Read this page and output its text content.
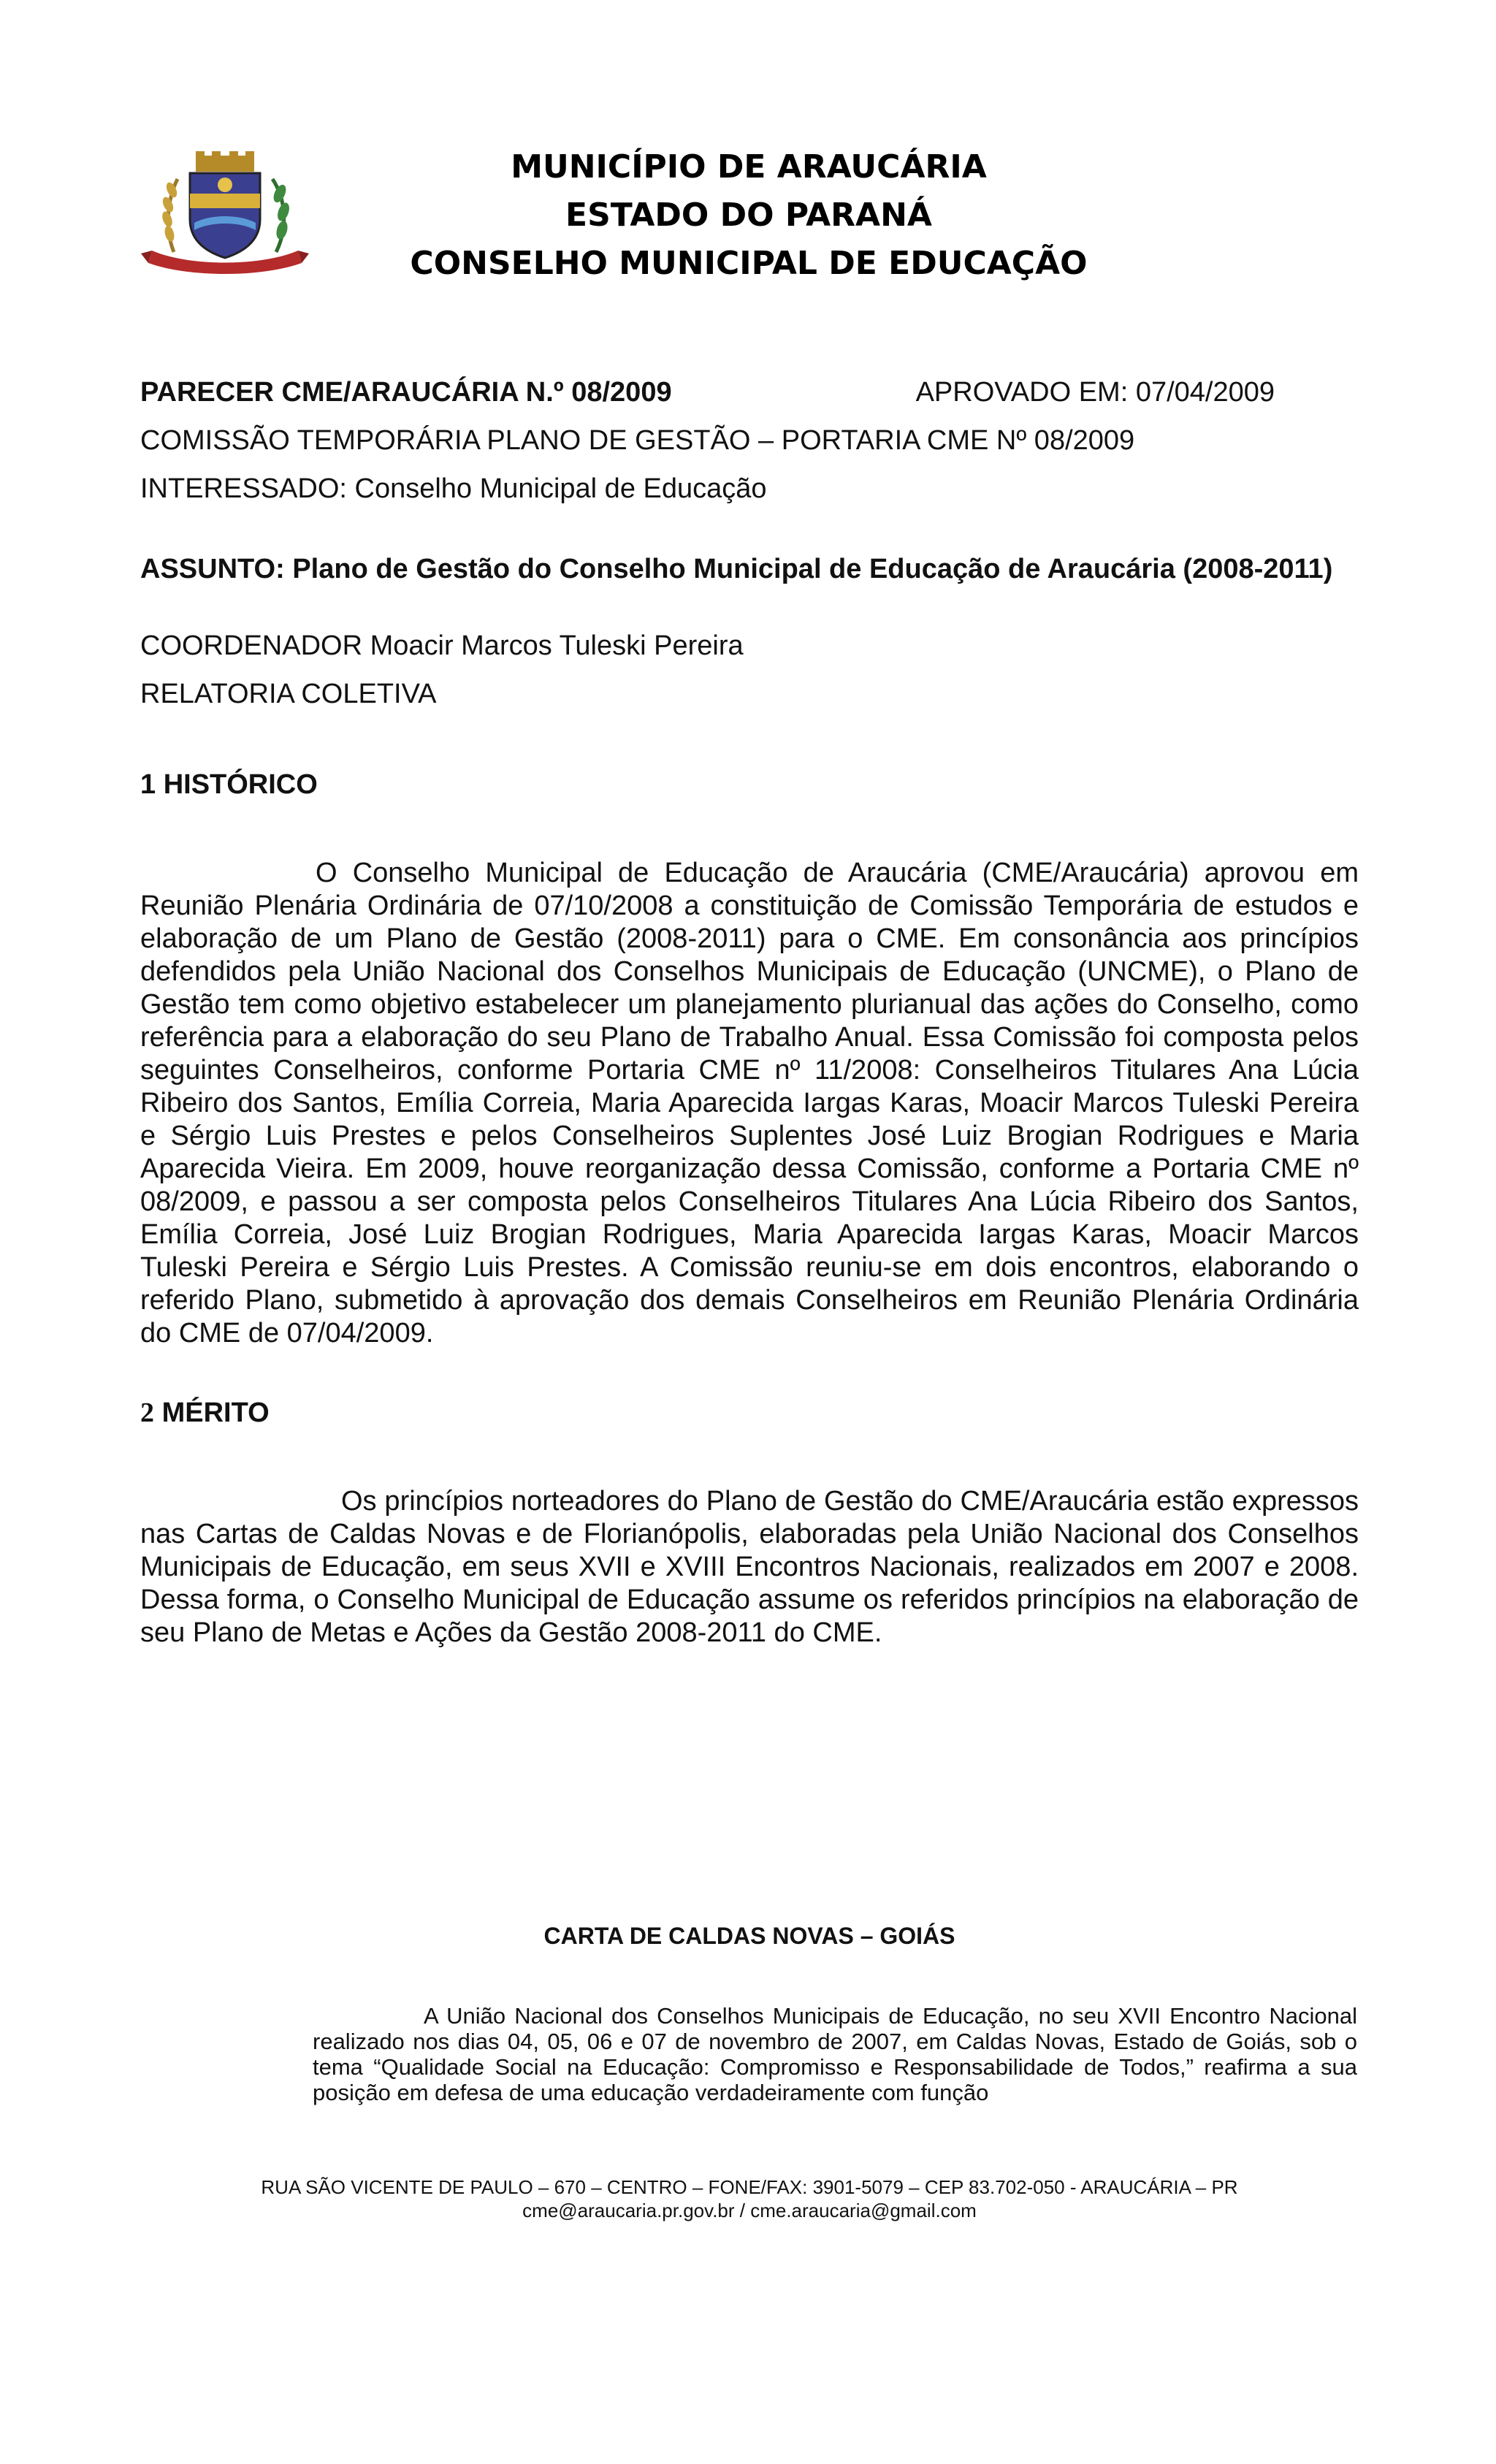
MUNICÍPIO DE ARAUCÁRIA
ESTADO DO PARANÁ
CONSELHO MUNICIPAL DE EDUCAÇÃO
PARECER CME/ARAUCÁRIA N.º 08/2009	APROVADO EM: 07/04/2009
COMISSÃO TEMPORÁRIA PLANO DE GESTÃO – PORTARIA CME Nº 08/2009
INTERESSADO: Conselho Municipal de Educação
ASSUNTO: Plano de Gestão do Conselho Municipal de Educação de Araucária (2008-2011)
COORDENADOR Moacir Marcos Tuleski Pereira
RELATORIA COLETIVA
1 HISTÓRICO
O Conselho Municipal de Educação de Araucária (CME/Araucária) aprovou em Reunião Plenária Ordinária de 07/10/2008 a constituição de Comissão Temporária de estudos e elaboração de um Plano de Gestão (2008-2011) para o CME. Em consonância aos princípios defendidos pela União Nacional dos Conselhos Municipais de Educação (UNCME), o Plano de Gestão tem como objetivo estabelecer um planejamento plurianual das ações do Conselho, como referência para a elaboração do seu Plano de Trabalho Anual. Essa Comissão foi composta pelos seguintes Conselheiros, conforme Portaria CME nº 11/2008: Conselheiros Titulares Ana Lúcia Ribeiro dos Santos, Emília Correia, Maria Aparecida Iargas Karas, Moacir Marcos Tuleski Pereira e Sérgio Luis Prestes e pelos Conselheiros Suplentes José Luiz Brogian Rodrigues e Maria Aparecida Vieira. Em 2009, houve reorganização dessa Comissão, conforme a Portaria CME nº 08/2009, e passou a ser composta pelos Conselheiros Titulares Ana Lúcia Ribeiro dos Santos, Emília Correia, José Luiz Brogian Rodrigues, Maria Aparecida Iargas Karas, Moacir Marcos Tuleski Pereira e Sérgio Luis Prestes. A Comissão reuniu-se em dois encontros, elaborando o referido Plano, submetido à aprovação dos demais Conselheiros em Reunião Plenária Ordinária do CME de 07/04/2009.
2 MÉRITO
Os princípios norteadores do Plano de Gestão do CME/Araucária estão expressos nas Cartas de Caldas Novas e de Florianópolis, elaboradas pela União Nacional dos Conselhos Municipais de Educação, em seus XVII e XVIII Encontros Nacionais, realizados em 2007 e 2008. Dessa forma, o Conselho Municipal de Educação assume os referidos princípios na elaboração de seu Plano de Metas e Ações da Gestão 2008-2011 do CME.
CARTA DE CALDAS NOVAS – GOIÁS
A União Nacional dos Conselhos Municipais de Educação, no seu XVII Encontro Nacional realizado nos dias 04, 05, 06 e 07 de novembro de 2007, em Caldas Novas, Estado de Goiás, sob o tema “Qualidade Social na Educação: Compromisso e Responsabilidade de Todos,” reafirma a sua posição em defesa de uma educação verdadeiramente com função
RUA SÃO VICENTE DE PAULO – 670 – CENTRO – FONE/FAX: 3901-5079 – CEP 83.702-050 - ARAUCÁRIA – PR
cme@araucaria.pr.gov.br / cme.araucaria@gmail.com
